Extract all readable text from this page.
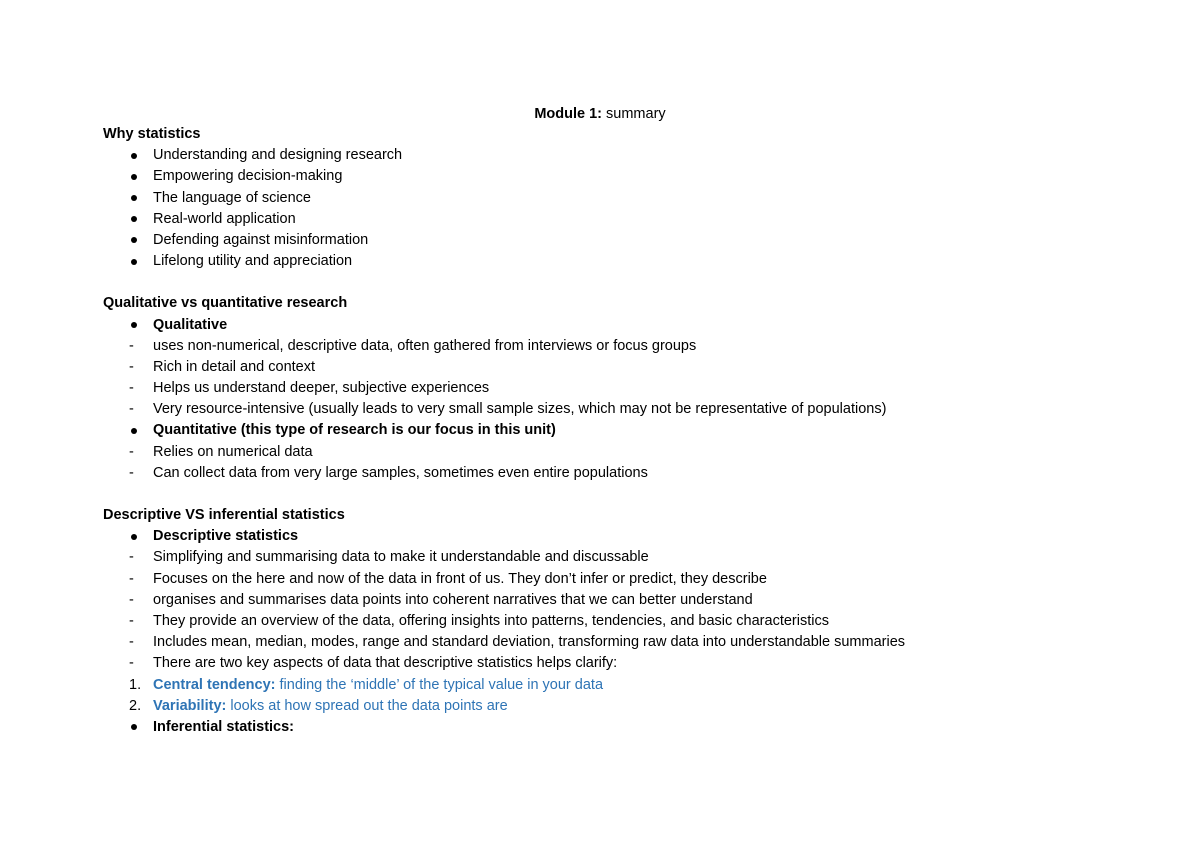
Module 1: summary
Why statistics
Understanding and designing research
Empowering decision-making
The language of science
Real-world application
Defending against misinformation
Lifelong utility and appreciation
Qualitative vs quantitative research
Qualitative
-	uses non-numerical, descriptive data, often gathered from interviews or focus groups
-	Rich in detail and context
-	Helps us understand deeper, subjective experiences
-	Very resource-intensive (usually leads to very small sample sizes, which may not be representative of populations)
Quantitative (this type of research is our focus in this unit)
-	Relies on numerical data
-	Can collect data from very large samples, sometimes even entire populations
Descriptive VS inferential statistics
Descriptive statistics
-	Simplifying and summarising data to make it understandable and discussable
-	Focuses on the here and now of the data in front of us. They don’t infer or predict, they describe
-	organises and summarises data points into coherent narratives that we can better understand
-	They provide an overview of the data, offering insights into patterns, tendencies, and basic characteristics
-	Includes mean, median, modes, range and standard deviation, transforming raw data into understandable summaries
-	There are two key aspects of data that descriptive statistics helps clarify:
1. Central tendency: finding the ‘middle’ of the typical value in your data
2. Variability: looks at how spread out the data points are
Inferential statistics:
